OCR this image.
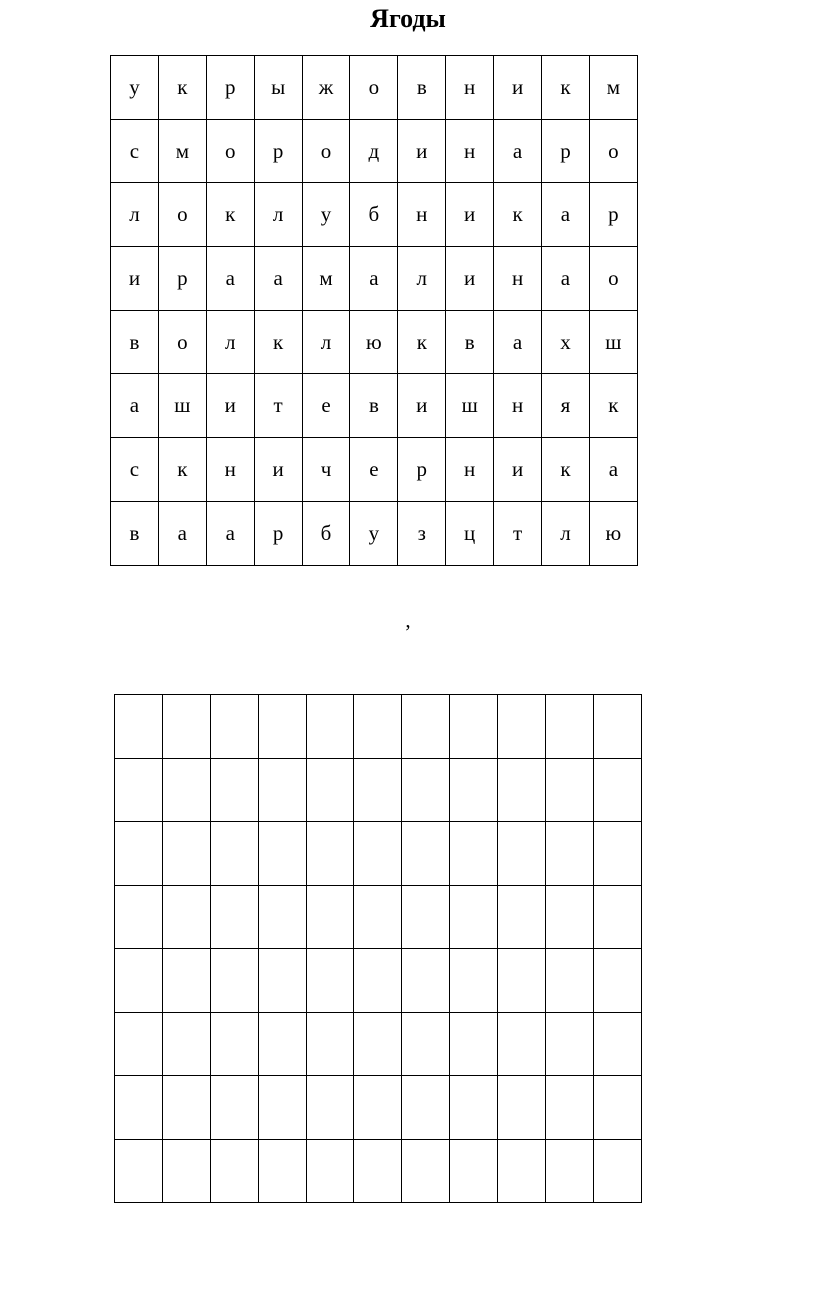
Ягоды
у	к	р	ы	ж	о	в	н	и	к	м
с	м	о	р	о	д	и	н	а	р	о
л	о	к	л	у	б	н	и	к	а	р
и	р	а	а	м	а	л	и	н	а	о
в	о	л	к	л	ю	к	в	а	х	ш
а	ш	и	т	е	в	и	ш	н	я	к
с	к	н	и	ч	е	р	н	и	к	а
в	а	а	р	б	у	з	ц	т	л	ю
,
